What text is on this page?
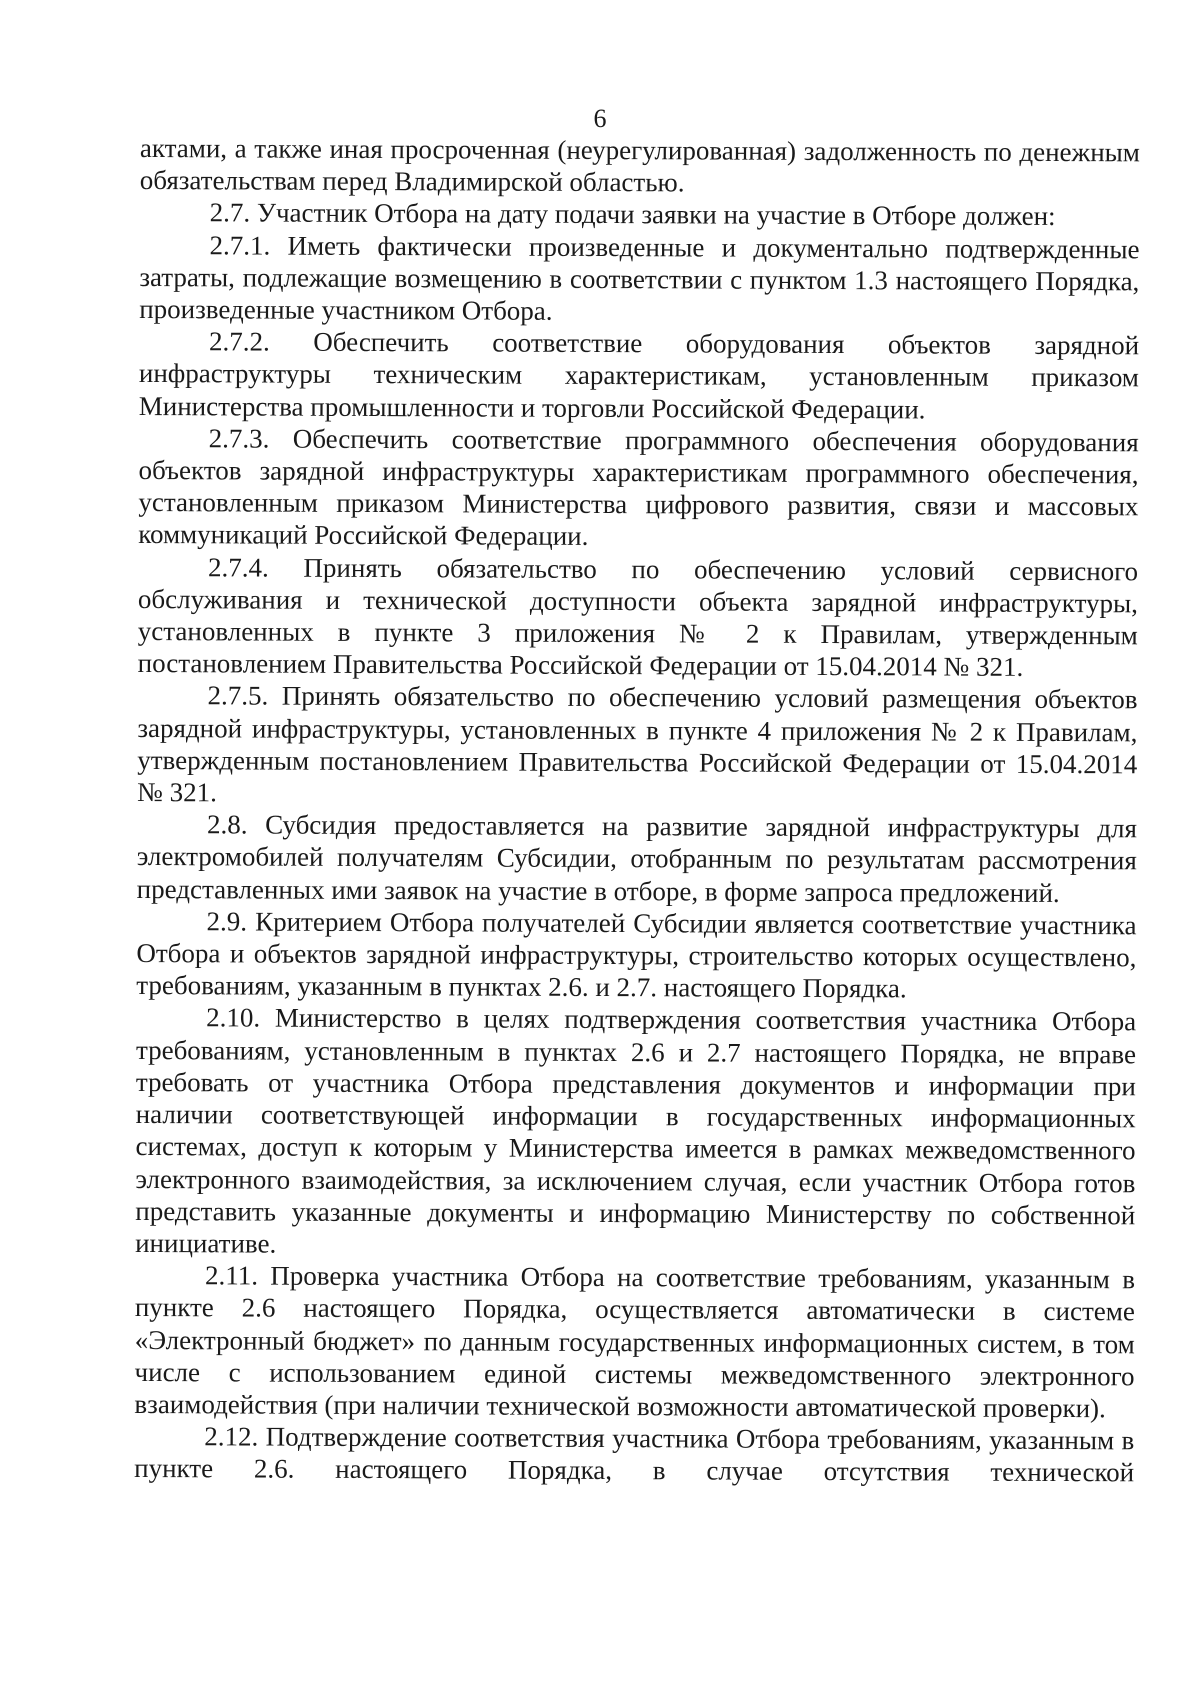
6

актами, а также иная просроченная (неурегулированная) задолженность по денежным обязательствам перед Владимирской областью.

2.7. Участник Отбора на дату подачи заявки на участие в Отборе должен:

2.7.1. Иметь фактически произведенные и документально подтвержденные затраты, подлежащие возмещению в соответствии с пунктом 1.3 настоящего Порядка, произведенные участником Отбора.

2.7.2. Обеспечить соответствие оборудования объектов зарядной инфраструктуры техническим характеристикам, установленным приказом Министерства промышленности и торговли Российской Федерации.

2.7.3. Обеспечить соответствие программного обеспечения оборудования объектов зарядной инфраструктуры характеристикам программного обеспечения, установленным приказом Министерства цифрового развития, связи и массовых коммуникаций Российской Федерации.

2.7.4. Принять обязательство по обеспечению условий сервисного обслуживания и технической доступности объекта зарядной инфраструктуры, установленных в пункте 3 приложения № 2 к Правилам, утвержденным постановлением Правительства Российской Федерации от 15.04.2014 № 321.

2.7.5. Принять обязательство по обеспечению условий размещения объектов зарядной инфраструктуры, установленных в пункте 4 приложения № 2 к Правилам, утвержденным постановлением Правительства Российской Федерации от 15.04.2014 № 321.

2.8. Субсидия предоставляется на развитие зарядной инфраструктуры для электромобилей получателям Субсидии, отобранным по результатам рассмотрения представленных ими заявок на участие в отборе, в форме запроса предложений.

2.9. Критерием Отбора получателей Субсидии является соответствие участника Отбора и объектов зарядной инфраструктуры, строительство которых осуществлено, требованиям, указанным в пунктах 2.6. и 2.7. настоящего Порядка.

2.10. Министерство в целях подтверждения соответствия участника Отбора требованиям, установленным в пунктах 2.6 и 2.7 настоящего Порядка, не вправе требовать от участника Отбора представления документов и информации при наличии соответствующей информации в государственных информационных системах, доступ к которым у Министерства имеется в рамках межведомственного электронного взаимодействия, за исключением случая, если участник Отбора готов представить указанные документы и информацию Министерству по собственной инициативе.

2.11. Проверка участника Отбора на соответствие требованиям, указанным в пункте 2.6 настоящего Порядка, осуществляется автоматически в системе «Электронный бюджет» по данным государственных информационных систем, в том числе с использованием единой системы межведомственного электронного взаимодействия (при наличии технической возможности автоматической проверки).

2.12. Подтверждение соответствия участника Отбора требованиям, указанным в пункте 2.6. настоящего Порядка, в случае отсутствия технической
